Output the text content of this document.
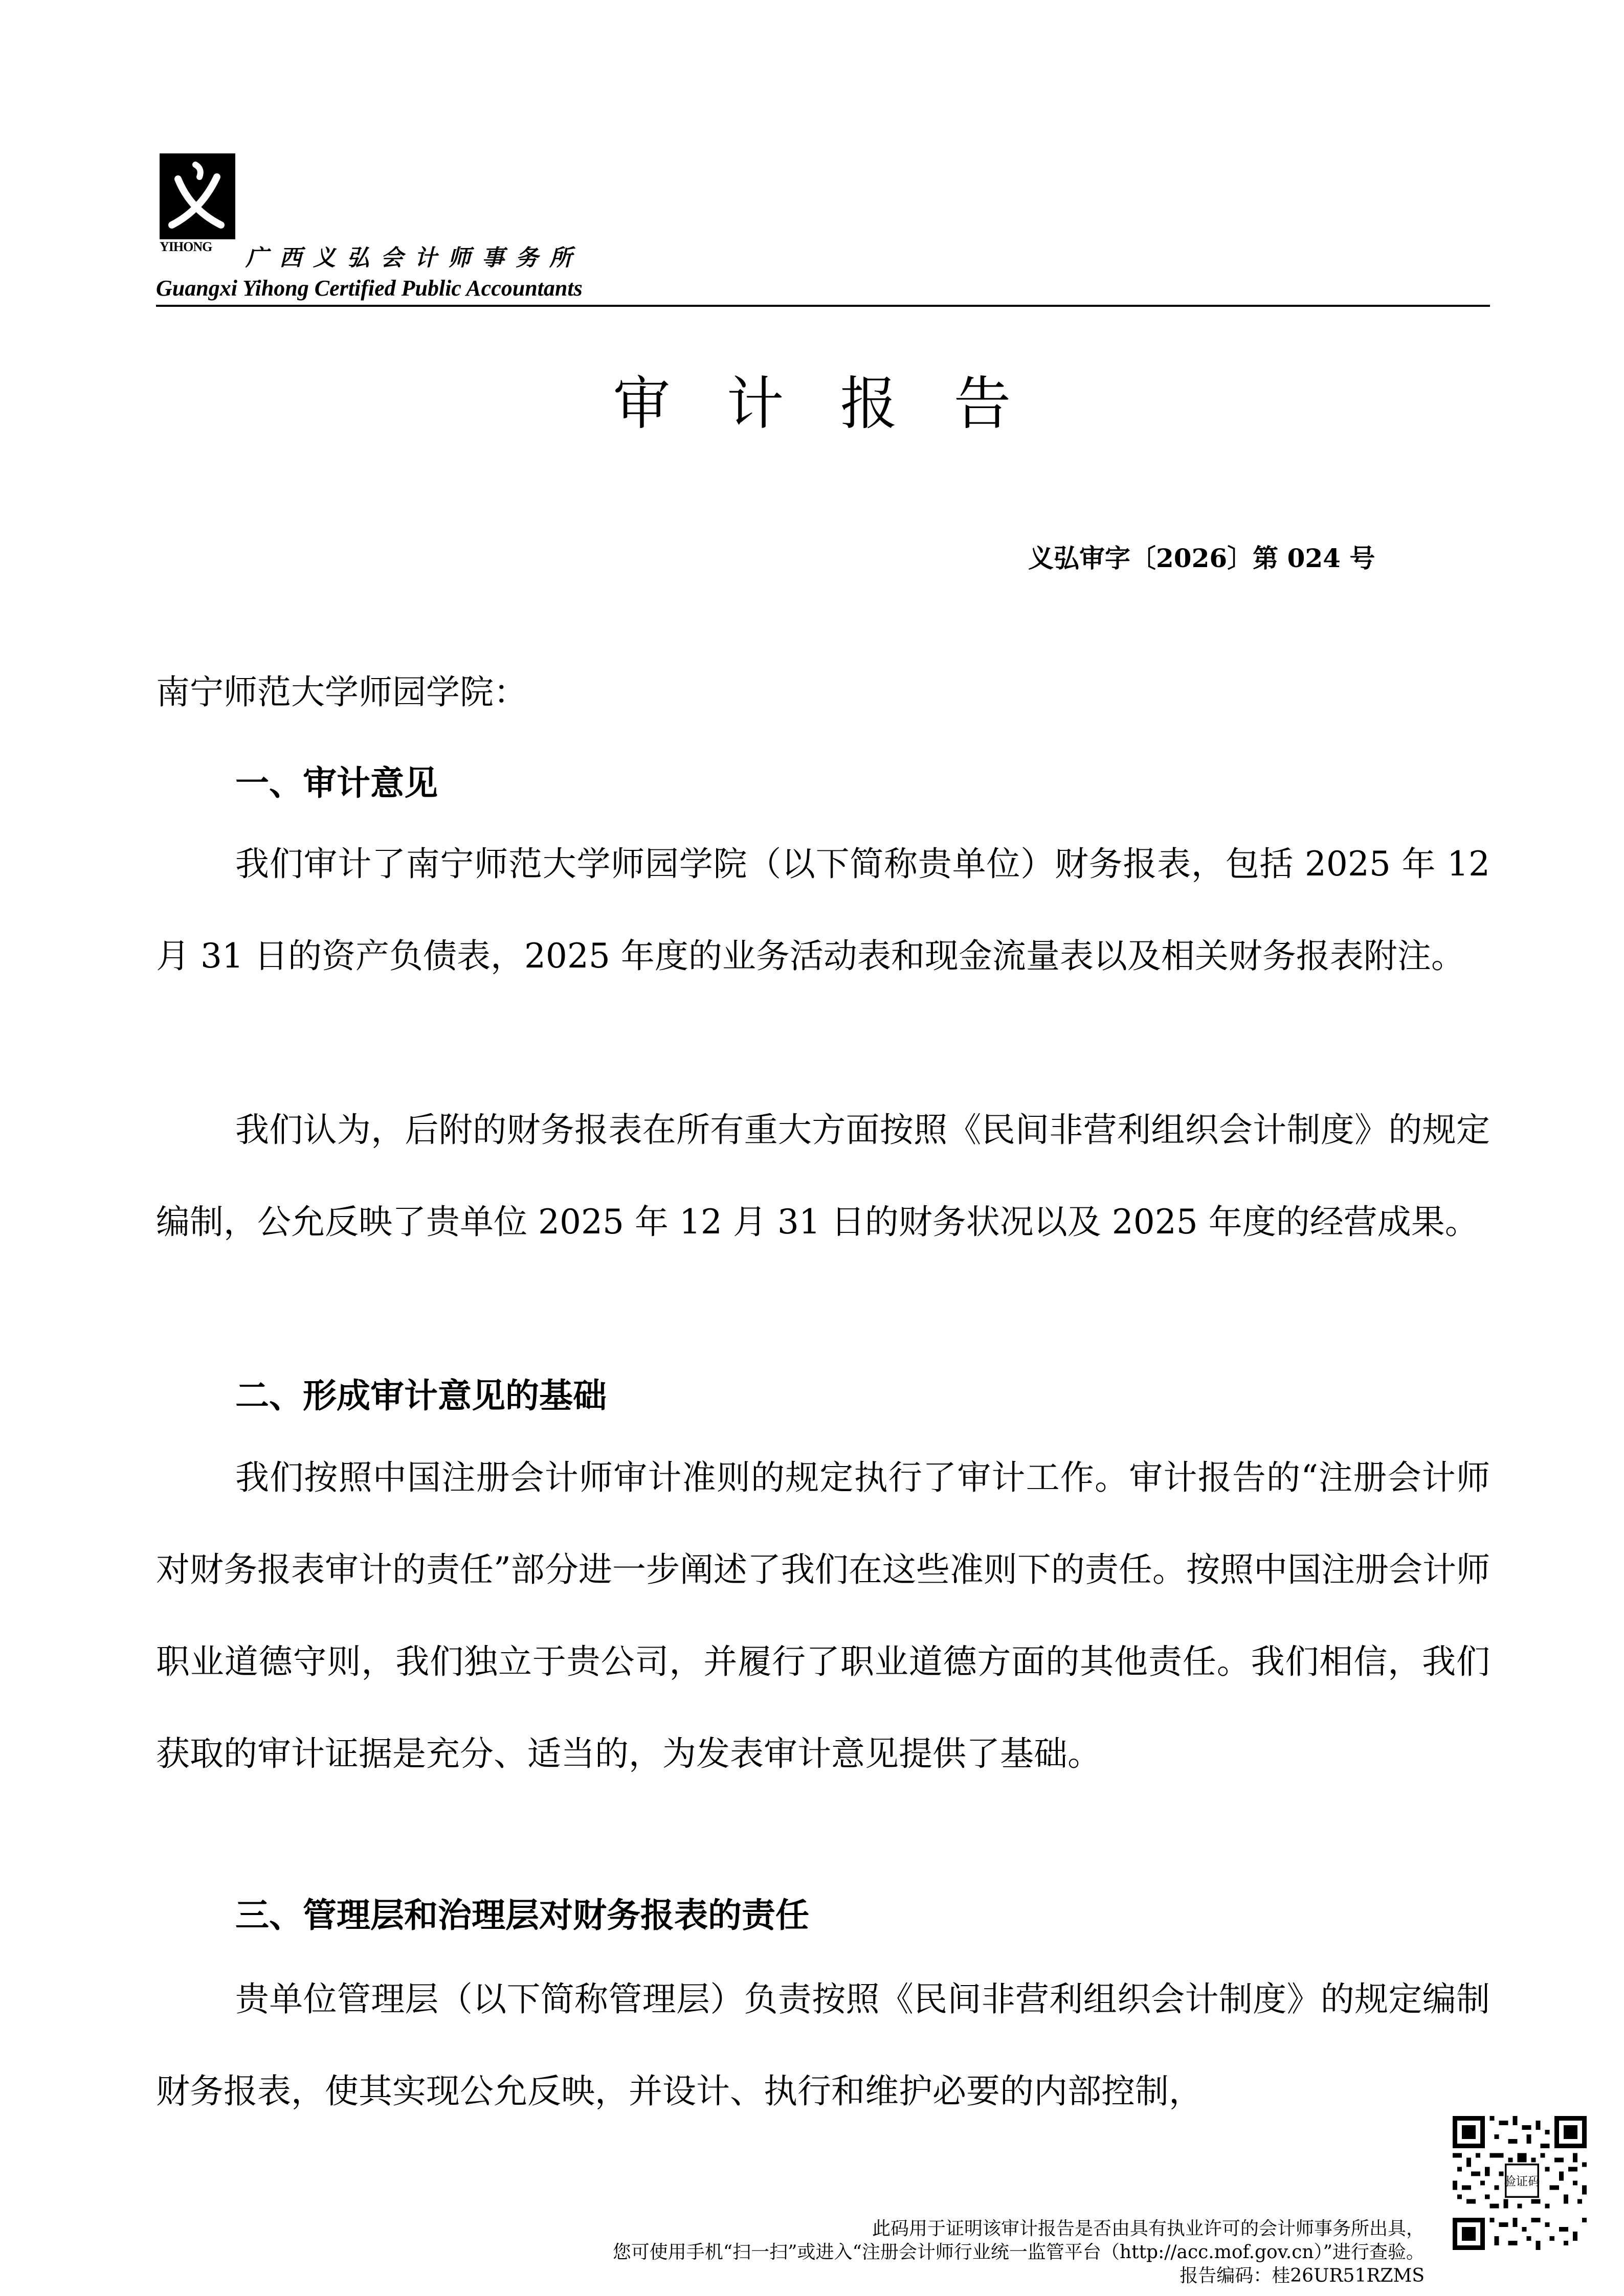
YIHONG	广西义弘会计师事务所
Guangxi Yihong Certified Public Accountants
审计报告
义弘审字〔2026〕第 024 号
南宁师范大学师园学院：
一、审计意见

我们审计了南宁师范大学师园学院（以下简称贵单位）财务报表，包括 2025 年 12 月 31 日的资产负债表，2025 年度的业务活动表和现金流量表以及相关财务报表附注。

我们认为，后附的财务报表在所有重大方面按照《民间非营利组织会计制度》的规定编制，公允反映了贵单位 2025 年 12 月 31 日的财务状况以及 2025 年度的经营成果。

二、形成审计意见的基础

我们按照中国注册会计师审计准则的规定执行了审计工作。审计报告的“注册会计师对财务报表审计的责任”部分进一步阐述了我们在这些准则下的责任。按照中国注册会计师职业道德守则，我们独立于贵公司，并履行了职业道德方面的其他责任。我们相信，我们获取的审计证据是充分、适当的，为发表审计意见提供了基础。

三、管理层和治理层对财务报表的责任

贵单位管理层（以下简称管理层）负责按照《民间非营利组织会计制度》的规定编制财务报表，使其实现公允反映，并设计、执行和维护必要的内部控制，

此码用于证明该审计报告是否由具有执业许可的会计师事务所出具，
您可使用手机“扫一扫”或进入“注册会计师行业统一监管平台（http://acc.mof.gov.cn）”进行查验。
报告编码：桂26UR51RZMS
验证码
